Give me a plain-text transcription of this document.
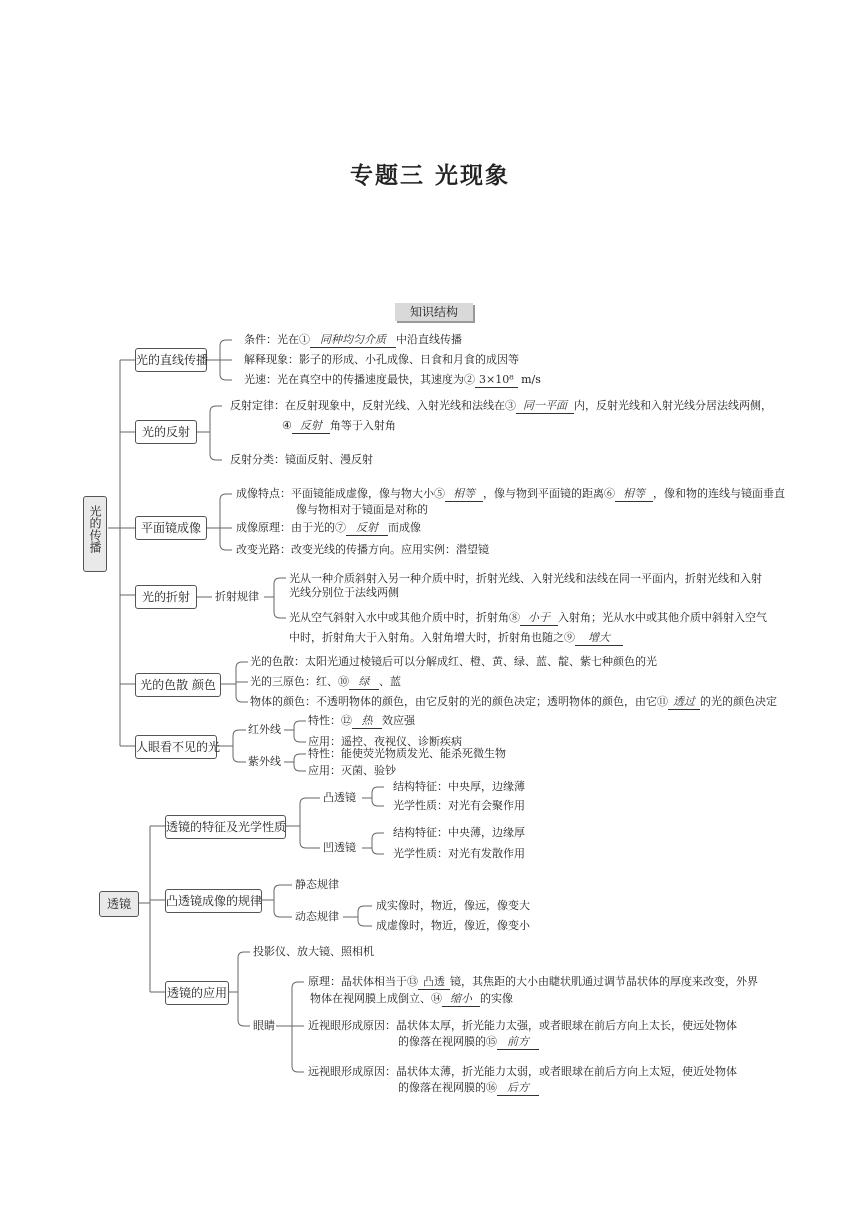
专题三 光现象
知识结构
光的传播
光的直线传播
条件：光在① 同种均匀介质 中沿直线传播
解释现象：影子的形成、小孔成像、日食和月食的成因等
光速：光在真空中的传播速度最快，其速度为② 3×10⁸ m/s
光的反射
反射定律：在反射现象中，反射光线、入射光线和法线在③ 同一平面 内，反射光线和入射光线分居法线两侧，
④ 反射 角等于入射角
反射分类：镜面反射、漫反射
平面镜成像
成像特点：平面镜能成虚像，像与物大小⑤ 相等 ，像与物到平面镜的距离⑥ 相等 ，像和物的连线与镜面垂直
像与物相对于镜面是对称的
成像原理：由于光的⑦ 反射 而成像
改变光路：改变光线的传播方向。应用实例：潜望镜
光的折射	折射规律
光从一种介质斜射入另一种介质中时，折射光线、入射光线和法线在同一平面内，折射光线和入射
光线分别位于法线两侧
光从空气斜射入水中或其他介质中时，折射角⑧ 小于 入射角；光从水中或其他介质中斜射入空气
中时，折射角大于入射角。入射角增大时，折射角也随之⑨ 增大
光的色散 颜色
光的色散：太阳光通过棱镜后可以分解成红、橙、黄、绿、蓝、靛、紫七种颜色的光
光的三原色：红、⑩ 绿 、蓝
物体的颜色：不透明物体的颜色，由它反射的光的颜色决定；透明物体的颜色，由它⑪ 透过 的光的颜色决定
人眼看不见的光
红外线
特性：⑫ 热 效应强
应用：遥控、夜视仪、诊断疾病
紫外线
特性：能使荧光物质发光、能杀死微生物
应用：灭菌、验钞
透镜
透镜的特征及光学性质
凸透镜
结构特征：中央厚，边缘薄
光学性质：对光有会聚作用
凹透镜
结构特征：中央薄，边缘厚
光学性质：对光有发散作用
凸透镜成像的规律
静态规律
动态规律
成实像时，物近，像远，像变大
成虚像时，物近，像近，像变小
透镜的应用
投影仪、放大镜、照相机
眼睛
原理：晶状体相当于⑬ 凸透 镜，其焦距的大小由睫状肌通过调节晶状体的厚度来改变，外界
物体在视网膜上成倒立、⑭ 缩小 的实像
近视眼形成原因：晶状体太厚，折光能力太强，或者眼球在前后方向上太长，使远处物体
的像落在视网膜的⑮ 前方
远视眼形成原因：晶状体太薄，折光能力太弱，或者眼球在前后方向上太短，使近处物体
的像落在视网膜的⑯ 后方
